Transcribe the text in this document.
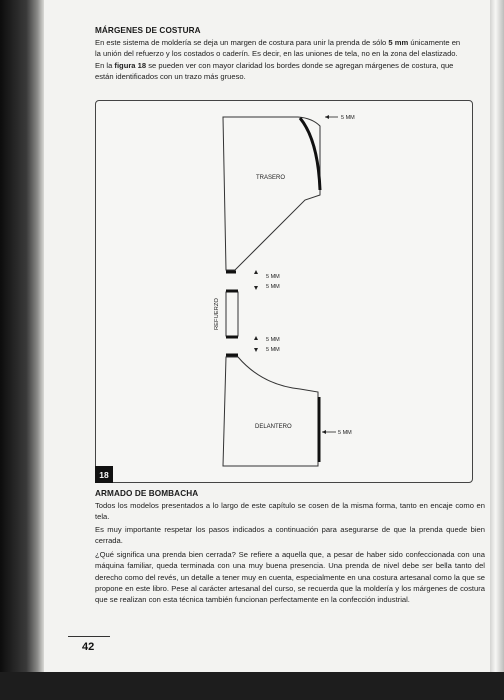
MÁRGENES DE COSTURA
En este sistema de moldería se deja un margen de costura para unir la prenda de sólo 5 mm únicamente en
la unión del refuerzo y los costados o caderín. Es decir, en las uniones de tela, no en la zona del elastizado.
En la figura 18 se pueden ver con mayor claridad los bordes donde se agregan márgenes de costura, que
están identificados con un trazo más grueso.
TRASERO
DELANTERO
REFUERZO
5 MM
5 MM
5 MM
5 MM
5 MM
5 MM
18
ARMADO DE BOMBACHA
Todos los modelos presentados a lo largo de este capítulo se cosen de la misma forma, tanto en encaje como en tela.
Es muy importante respetar los pasos indicados a continuación para asegurarse de que la prenda quede bien cerrada.
¿Qué significa una prenda bien cerrada? Se refiere a aquella que, a pesar de haber sido confeccionada con una máquina familiar, queda terminada con una muy buena presencia. Una prenda de nivel debe ser bella tanto del derecho como del revés, un detalle a tener muy en cuenta, especialmente en una costura artesanal como la que se propone en este libro. Pese al carácter artesanal del curso, se recuerda que la moldería y los márgenes de costura que se realizan con esta técnica también funcionan perfectamente en la confección industrial.
42
